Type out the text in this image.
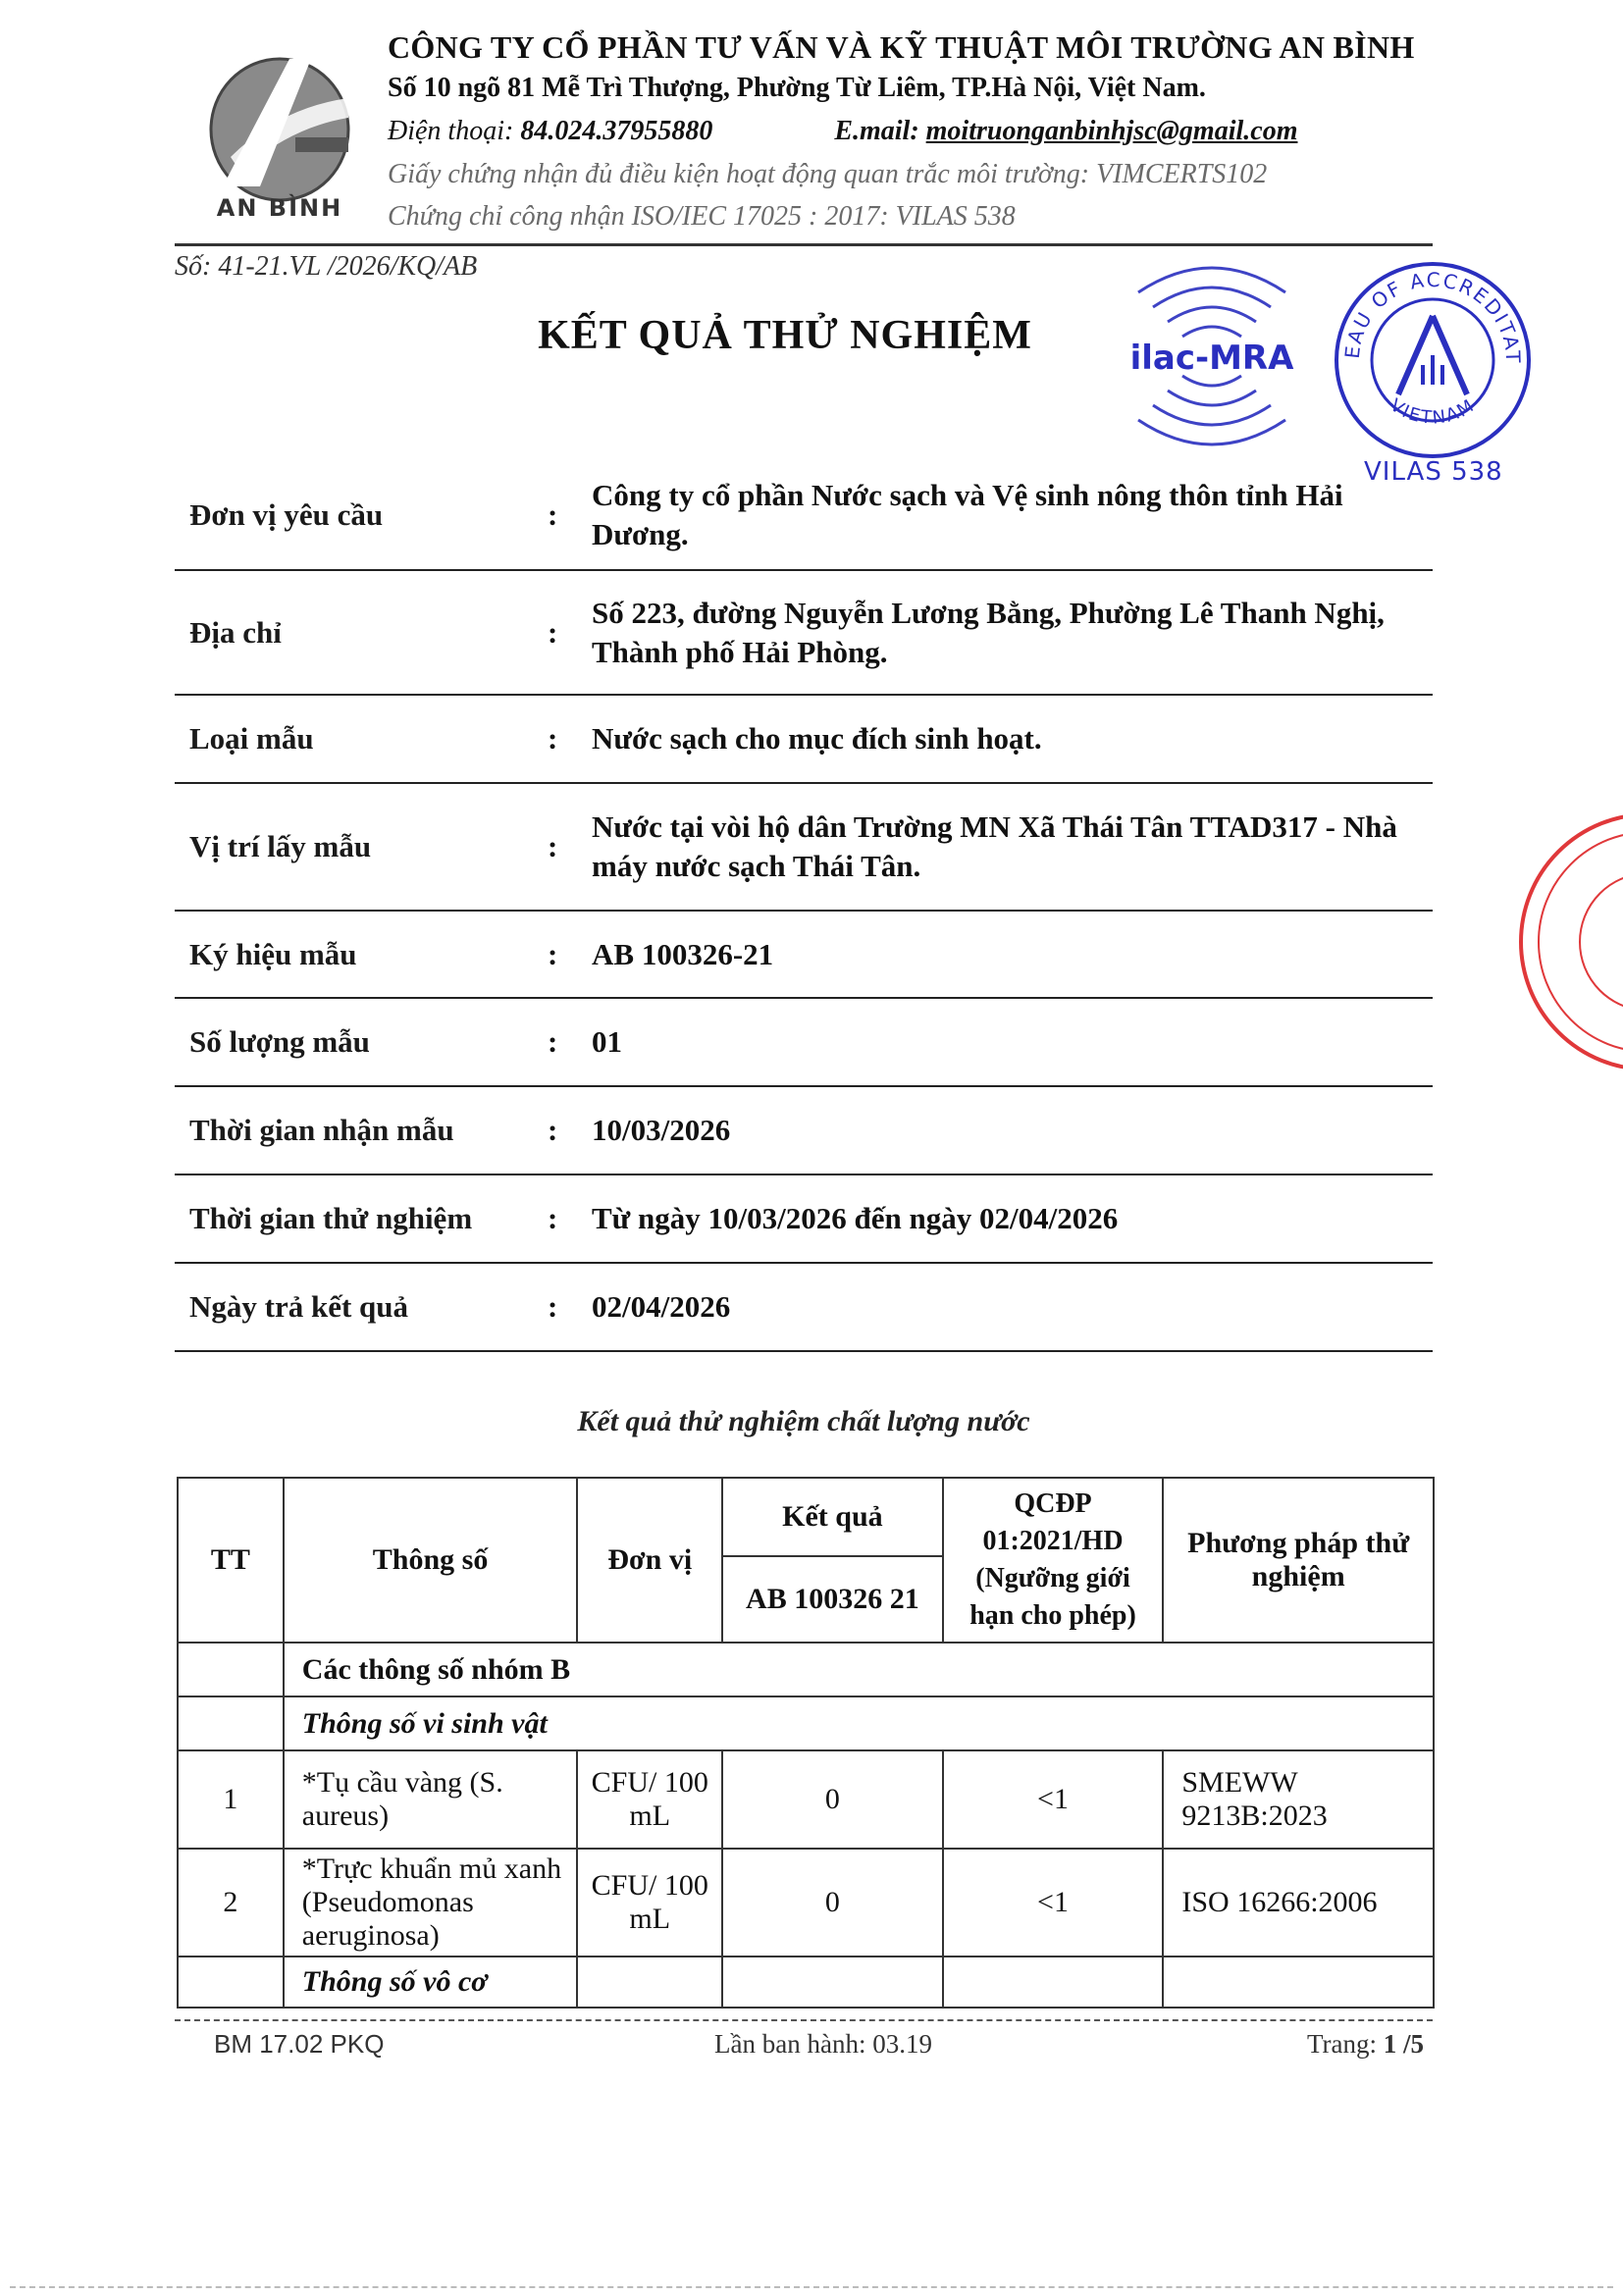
AN BÌNH
CÔNG TY CỔ PHẦN TƯ VẤN VÀ KỸ THUẬT MÔI TRƯỜNG AN BÌNH
Số 10 ngõ 81 Mễ Trì Thượng, Phường Từ Liêm, TP.Hà Nội, Việt Nam.
Điện thoại: 84.024.37955880	E.mail: moitruonganbinhjsc@gmail.com
Giấy chứng nhận đủ điều kiện hoạt động quan trắc môi trường: VIMCERTS102
Chứng chỉ công nhận ISO/IEC 17025 : 2017: VILAS 538
Số: 41-21.VL /2026/KQ/AB
KẾT QUẢ THỬ NGHIỆM	ilac-MRA	EAU OF ACCREDITAT
VIETNAM
VILAS 538
Đơn vị yêu cầu	:
Công ty cổ phần Nước sạch và Vệ sinh nông thôn tỉnh Hải Dương.
Địa chỉ	:
Số 223, đường Nguyễn Lương Bằng, Phường Lê Thanh Nghị, Thành phố Hải Phòng.
Loại mẫu	:	Nước sạch cho mục đích sinh hoạt.
Vị trí lấy mẫu	:
Nước tại vòi hộ dân Trường MN Xã Thái Tân TTAD317 - Nhà máy nước sạch Thái Tân.
Ký hiệu mẫu	:	AB 100326-21
Số lượng mẫu	:	01
Thời gian nhận mẫu	:	10/03/2026
Thời gian thử nghiệm	:	Từ ngày 10/03/2026 đến ngày 02/04/2026
Ngày trả kết quả	:	02/04/2026
Kết quả thử nghiệm chất lượng nước
TT	Thông số	Đơn vị	Kết quả	QCĐP
01:2021/HD
(Ngưỡng giới
hạn cho phép)	Phương pháp thử nghiệm
			AB 100326 21		
	Các thông số nhóm B				
	Thông số vi sinh vật				
1	*Tụ cầu vàng (S. aureus)	CFU/ 100 mL	0	<1	SMEWW 9213B:2023
2	*Trực khuẩn mủ xanh (Pseudomonas aeruginosa)	CFU/ 100 mL	0	<1	ISO 16266:2006
	Thông số vô cơ				
BM 17.02 PKQ	Lần ban hành: 03.19	Trang: 1 /5
